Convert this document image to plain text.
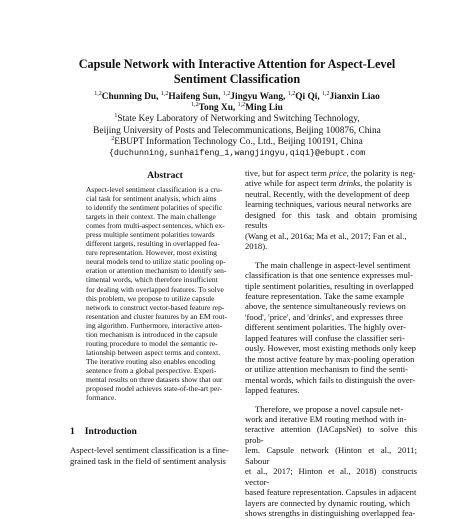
Capsule Network with Interactive Attention for Aspect-Level
Sentiment Classification
$^{1,2}$Chunning Du, $^{1,2}$Haifeng Sun, $^{1,2}$Jingyu Wang, $^{1,2}$Qi Qi, $^{1,2}$Jianxin Liao
$^{1,2}$Tong Xu, $^{1,2}$Ming Liu
$^1$State Key Laboratory of Networking and Switching Technology,
Beijing University of Posts and Telecommunications, Beijing 100876, China
$^2$EBUPT Information Technology Co., Ltd., Beijing 100191, China
{duchunning,sunhaifeng_1,wangjingyu,qiqi}@ebupt.com
Abstract
Aspect-level sentiment classification is a cru-
cial task for sentiment analysis, which aims
to identify the sentiment polarities of specific
targets in their context. The main challenge
comes from multi-aspect sentences, which ex-
press multiple sentiment polarities towards
different targets, resulting in overlapped fea-
ture representation. However, most existing
neural models tend to utilize static pooling op-
eration or attention mechanism to identify sen-
timental words, which therefore insufficient
for dealing with overlapped features. To solve
this problem, we propose to utilize capsule
network to construct vector-based feature rep-
resentation and cluster features by an EM rout-
ing algorithm. Furthermore, interactive atten-
tion mechanism is introduced in the capsule
routing procedure to model the semantic re-
lationship between aspect terms and context.
The iterative routing also enables encoding
sentence from a global perspective. Experi-
mental results on three datasets show that our
proposed model achieves state-of-the-art per-
formance.

1 Introduction
Aspect-level sentiment classification is a fine-
grained task in the field of sentiment analysis

tive, but for aspect term price, the polarity is neg-
ative while for aspect term drinks, the polarity is
neutral. Recently, with the development of deep
learning techniques, various neural networks are
designed for this task and obtain promising results
(Wang et al., 2016a; Ma et al., 2017; Fan et al.,
2018).

The main challenge in aspect-level sentiment
classification is that one sentence expresses mul-
tiple sentiment polarities, resulting in overlapped
feature representation. Take the same example
above, the sentence simultaneously reviews on
'food', 'price', and 'drinks', and expresses three
different sentiment polarities. The highly over-
lapped features will confuse the classifier seri-
ously. However, most existing methods only keep
the most active feature by max-pooling operation
or utilize attention mechanism to find the senti-
mental words, which fails to distinguish the over-
lapped features.

Therefore, we propose a novel capsule net-
work and iterative EM routing method with in-
teractive attention (IACapsNet) to solve this prob-
lem. Capsule network (Hinton et al., 2011; Sabour
et al., 2017; Hinton et al., 2018) constructs vector-
based feature representation. Capsules in adjacent
layers are connected by dynamic routing, which
shows strengths in distinguishing overlapped fea-
